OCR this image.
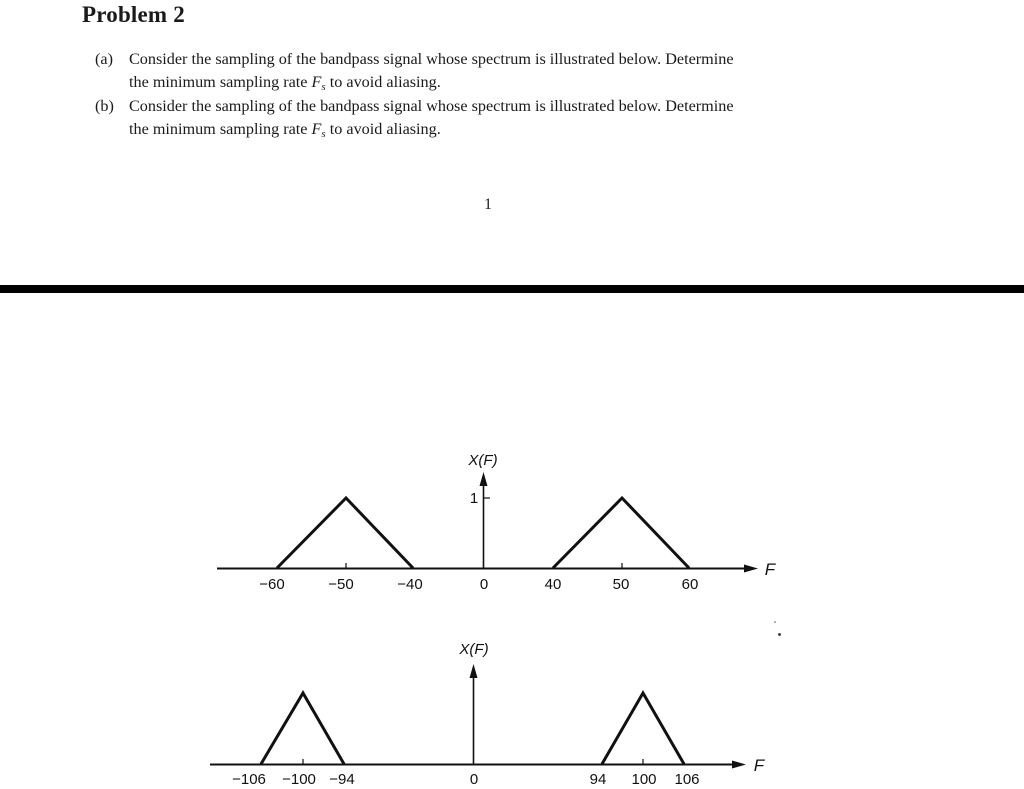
Problem 2
(a) Consider the sampling of the bandpass signal whose spectrum is illustrated below. Determine
the minimum sampling rate $F_s$ to avoid aliasing.
(b) Consider the sampling of the bandpass signal whose spectrum is illustrated below. Determine
the minimum sampling rate $F_s$ to avoid aliasing.
1
X(F)
1
F
−60	−50	−40	0	40	50	60
X(F)
F
−106 −100 −94	0	94 100 106
